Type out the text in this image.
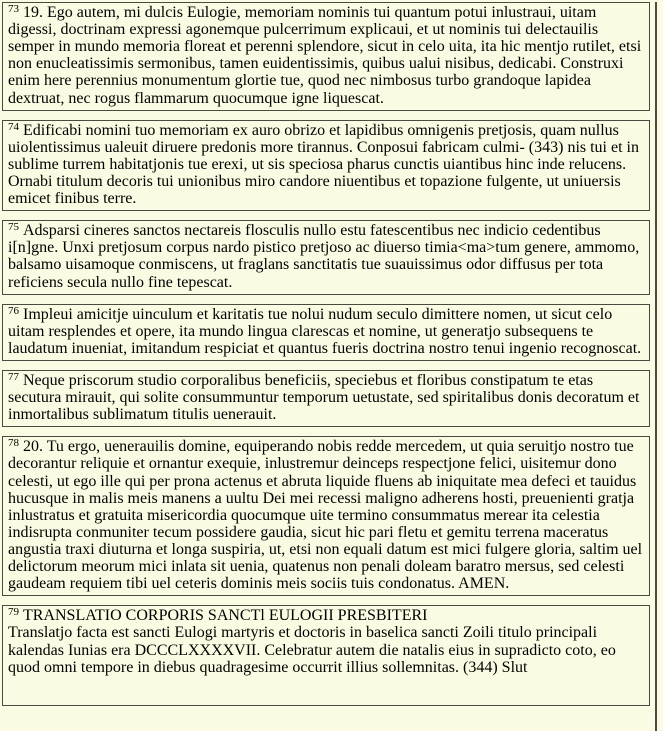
$^{73}$ 19. Ego autem, mi dulcis Eulogie, memoriam nominis tui quantum potui inlustraui, uitam digessi, doctrinam expressi agonemque pulcerrimum explicaui, et ut nominis tui delectauilis semper in mundo memoria floreat et perenni splendore, sicut in celo uita, ita hic mentjo rutilet, etsi non enucleatissimis sermonibus, tamen euidentissimis, quibus ualui nisibus, dedicabi. Construxi enim here perennius monumentum glortie tue, quod nec nimbosus turbo grandoque lapidea dextruat, nec rogus flammarum quocumque igne liquescat.

$^{74}$ Edificabi nomini tuo memoriam ex auro obrizo et lapidibus omnigenis pretjosis, quam nullus uiolentissimus ualeuit diruere predonis more tirannus. Conposui fabricam culmi- (343) nis tui et in sublime turrem habitatjonis tue erexi, ut sis speciosa pharus cunctis uiantibus hinc inde relucens. Ornabi titulum decoris tui unionibus miro candore niuentibus et topazione fulgente, ut uniuersis emicet finibus terre.

$^{75}$ Adsparsi cineres sanctos nectareis flosculis nullo estu fatescentibus nec indicio cedentibus i[n]gne. Unxi pretjosum corpus nardo pistico pretjoso ac diuerso timia<ma>tum genere, ammomo, balsamo uisamoque conmiscens, ut fraglans sanctitatis tue suauissimus odor diffusus per tota reficiens secula nullo fine tepescat.

$^{76}$ Impleui amicitje uinculum et karitatis tue nolui nudum seculo dimittere nomen, ut sicut celo uitam resplendes et opere, ita mundo lingua clarescas et nomine, ut generatjo subsequens te laudatum inueniat, imitandum respiciat et quantus fueris doctrina nostro tenui ingenio recognoscat.

$^{77}$ Neque priscorum studio corporalibus beneficiis, speciebus et floribus constipatum te etas secutura mirauit, qui solite consummuntur temporum uetustate, sed spiritalibus donis decoratum et inmortalibus sublimatum titulis uenerauit.

$^{78}$ 20. Tu ergo, uenerauilis domine, equiperando nobis redde mercedem, ut quia seruitjo nostro tue decorantur reliquie et ornantur exequie, inlustremur deinceps respectjone felici, uisitemur dono celesti, ut ego ille qui per prona actenus et abruta liquide fluens ab iniquitate mea defeci et tauidus hucusque in malis meis manens a uultu Dei mei recessi maligno adherens hosti, preuenienti gratja inlustratus et gratuita misericordia quocumque uite termino consummatus merear ita celestia indisrupta conmuniter tecum possidere gaudia, sicut hic pari fletu et gemitu terrena maceratus angustia traxi diuturna et longa suspiria, ut, etsi non equali datum est mici fulgere gloria, saltim uel delictorum meorum mici inlata sit uenia, quatenus non penali doleam baratro mersus, sed celesti gaudeam requiem tibi uel ceteris dominis meis sociis tuis condonatus. AMEN.

$^{79}$ TRANSLATIO CORPORIS SANCTl EULOGII PRESBITERI
Translatjo facta est sancti Eulogi martyris et doctoris in baselica sancti Zoili titulo principali kalendas Iunias era DCCCLXXXXVII. Celebratur autem die natalis eius in supradicto coto, eo quod omni tempore in diebus quadragesime occurrit illius sollemnitas. (344) Slut
